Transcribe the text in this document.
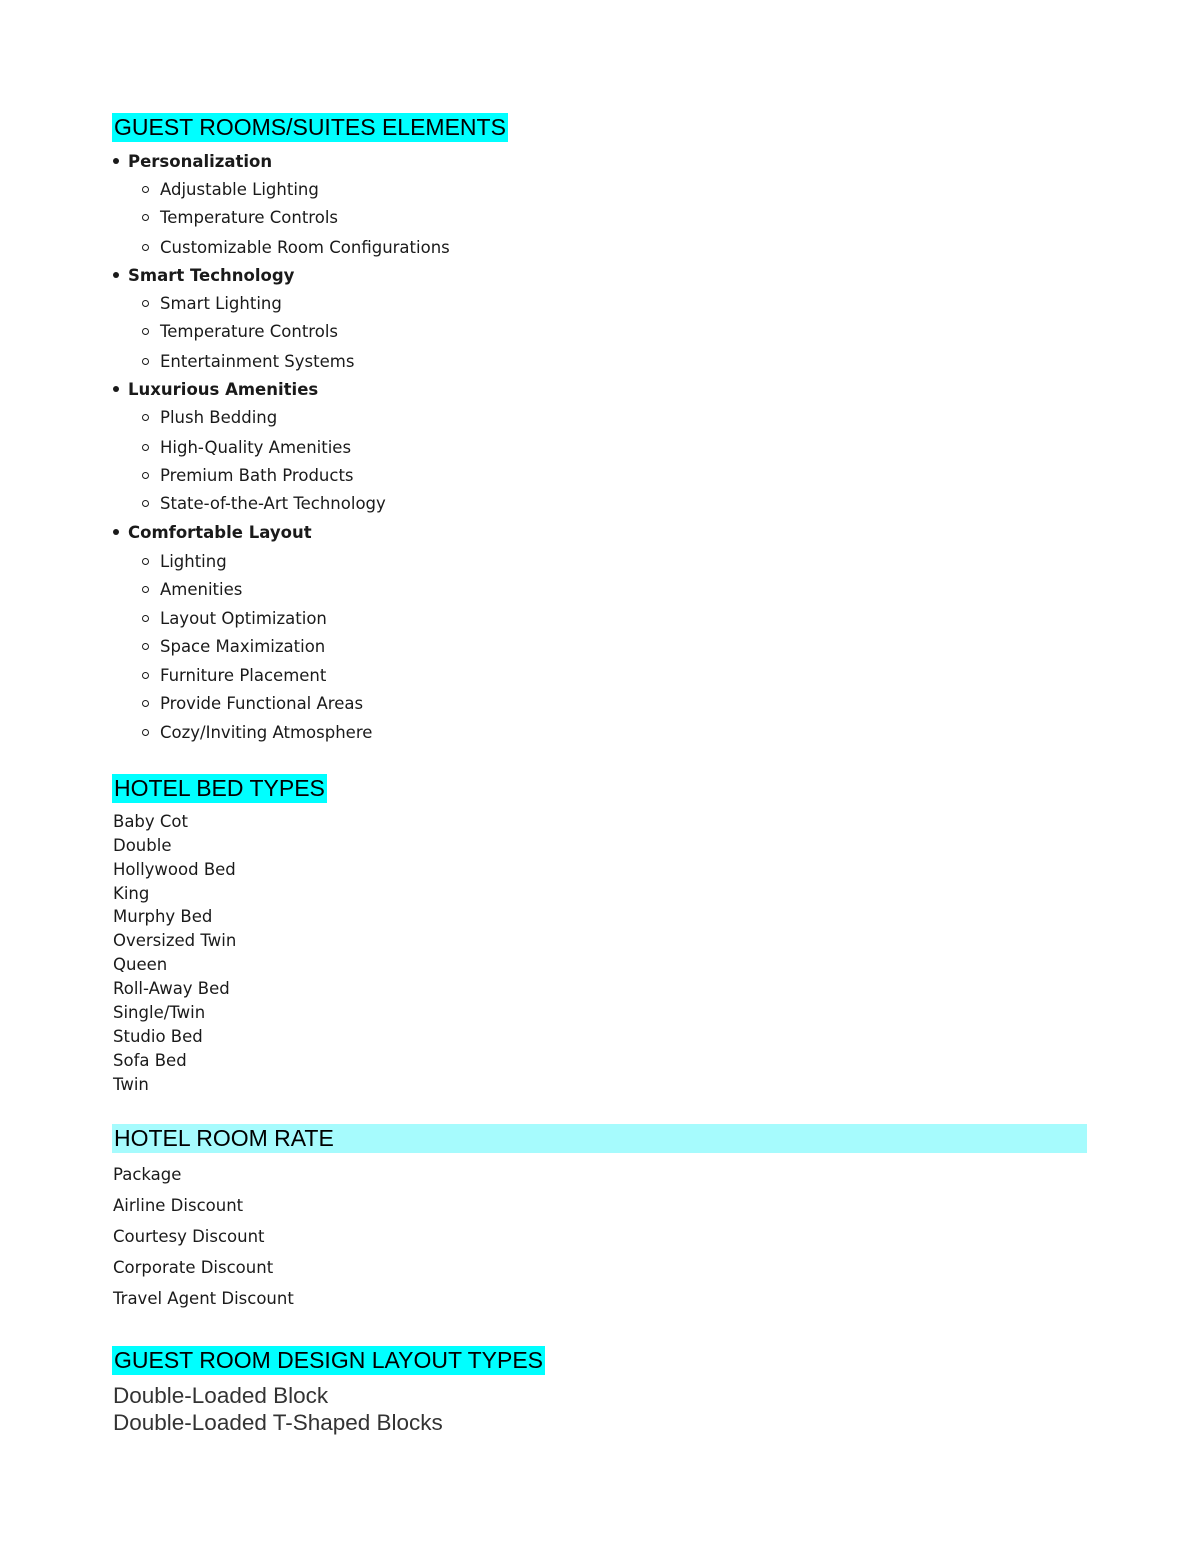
GUEST ROOMS/SUITES ELEMENTS
Personalization
Adjustable Lighting
Temperature Controls
Customizable Room Configurations
Smart Technology
Smart Lighting
Temperature Controls
Entertainment Systems
Luxurious Amenities
Plush Bedding
High-Quality Amenities
Premium Bath Products
State-of-the-Art Technology
Comfortable Layout
Lighting
Amenities
Layout Optimization
Space Maximization
Furniture Placement
Provide Functional Areas
Cozy/Inviting Atmosphere
HOTEL BED TYPES
Baby Cot
Double
Hollywood Bed
King
Murphy Bed
Oversized Twin
Queen
Roll-Away Bed
Single/Twin
Studio Bed
Sofa Bed
Twin
HOTEL ROOM RATE
Package
Airline Discount
Courtesy Discount
Corporate Discount
Travel Agent Discount
GUEST ROOM DESIGN LAYOUT TYPES
Double-Loaded Block
Double-Loaded T-Shaped Blocks
